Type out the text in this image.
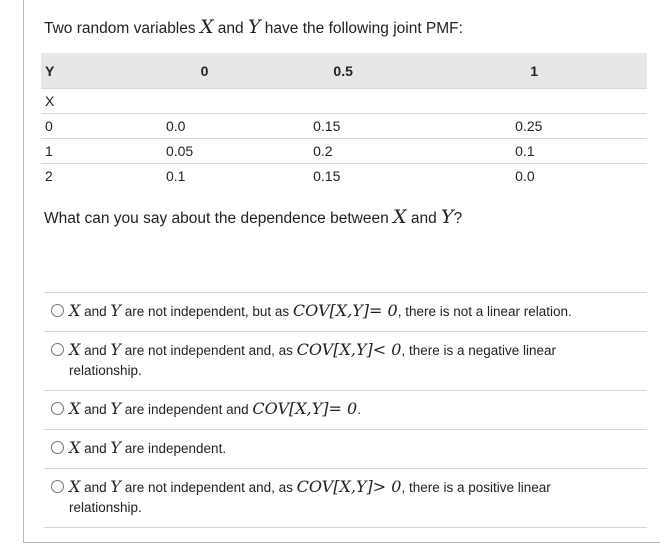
Two random variables X and Y have the following joint PMF:
Y	0	0.5	1
X			
0	0.0	0.15	0.25
1	0.05	0.2	0.1
2	0.1	0.15	0.0
What can you say about the dependence between X and Y?
X and Y are not independent, but as COV[X,Y]= 0, there is not a linear relation.
X and Y are not independent and, as COV[X,Y]< 0, there is a negative linear relationship.
X and Y are independent and COV[X,Y]= 0.
X and Y are independent.
X and Y are not independent and, as COV[X,Y]> 0, there is a positive linear relationship.
